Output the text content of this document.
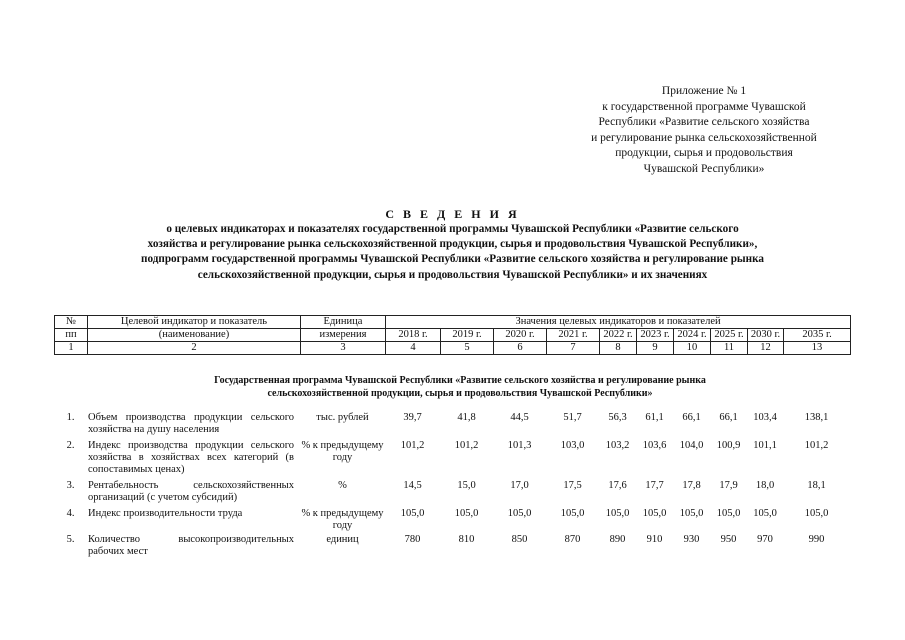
Приложение № 1
к государственной программе Чувашской
Республики «Развитие сельского хозяйства
и регулирование рынка сельскохозяйственной
продукции, сырья и продовольствия
Чувашской Республики»
С В Е Д Е Н И Я
о целевых индикаторах и показателях государственной программы Чувашской Республики «Развитие сельского
хозяйства и регулирование рынка сельскохозяйственной продукции, сырья и продовольствия Чувашской Республики»,
подпрограмм государственной программы Чувашской Республики «Развитие сельского хозяйства и регулирование рынка
сельскохозяйственной продукции, сырья и продовольствия Чувашской Республики» и их значениях
№	Целевой индикатор и показатель	Единица	Значения целевых индикаторов и показателей									
пп	(наименование)	измерения	2018 г.	2019 г.	2020 г.	2021 г.	2022 г.	2023 г.	2024 г.	2025 г.	2030 г.	2035 г.
1	2	3	4	5	6	7	8	9	10	11	12	13
Государственная программа Чувашской Республики «Развитие сельского хозяйства и регулирование рынка
сельскохозяйственной продукции, сырья и продовольствия Чувашской Республики»
1.	Объем производства продукции сельского хозяйства на душу населения	тыс. рублей	39,7	41,8	44,5	51,7	56,3	61,1	66,1	66,1	103,4	138,1
2.	Индекс производства продукции сельского хозяйства в хозяйствах всех категорий (в сопоставимых ценах)	% к предыдущему году	101,2	101,2	101,3	103,0	103,2	103,6	104,0	100,9	101,1	101,2
3.	Рентабельность сельскохозяйственных организаций (с учетом субсидий)	%	14,5	15,0	17,0	17,5	17,6	17,7	17,8	17,9	18,0	18,1
4.	Индекс производительности труда	% к предыдущему году	105,0	105,0	105,0	105,0	105,0	105,0	105,0	105,0	105,0	105,0
5.	Количество высокопроизводительных рабочих мест	единиц	780	810	850	870	890	910	930	950	970	990
